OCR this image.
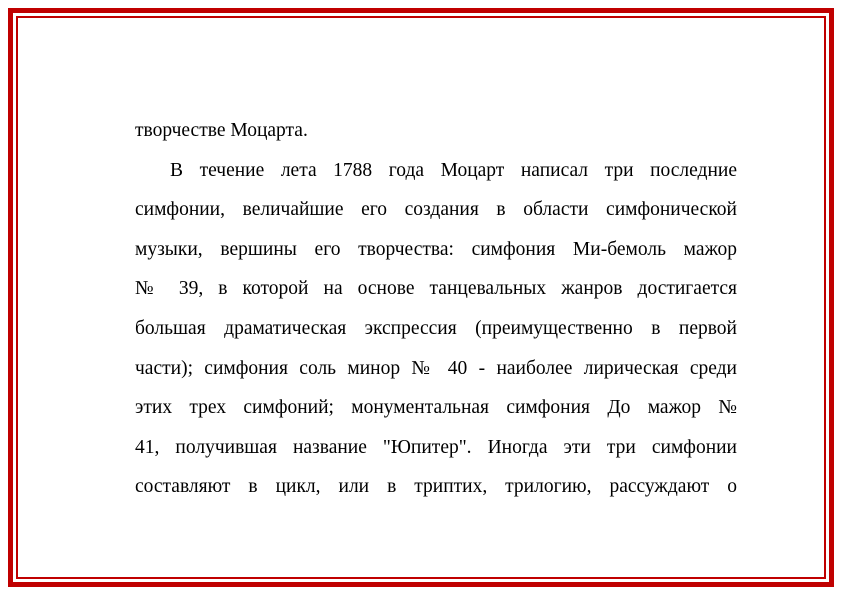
творчестве Моцарта.
В течение лета 1788 года Моцарт написал три последние
симфонии, величайшие его создания в области симфонической
музыки, вершины его творчества: симфония Ми-бемоль мажор
№ 39, в которой на основе танцевальных жанров достигается
большая драматическая экспрессия (преимущественно в первой
части); симфония соль минор № 40 - наиболее лирическая среди
этих трех симфоний; монументальная симфония До мажор №
41, получившая название "Юпитер". Иногда эти три симфонии
составляют в цикл, или в триптих, трилогию, рассуждают о
